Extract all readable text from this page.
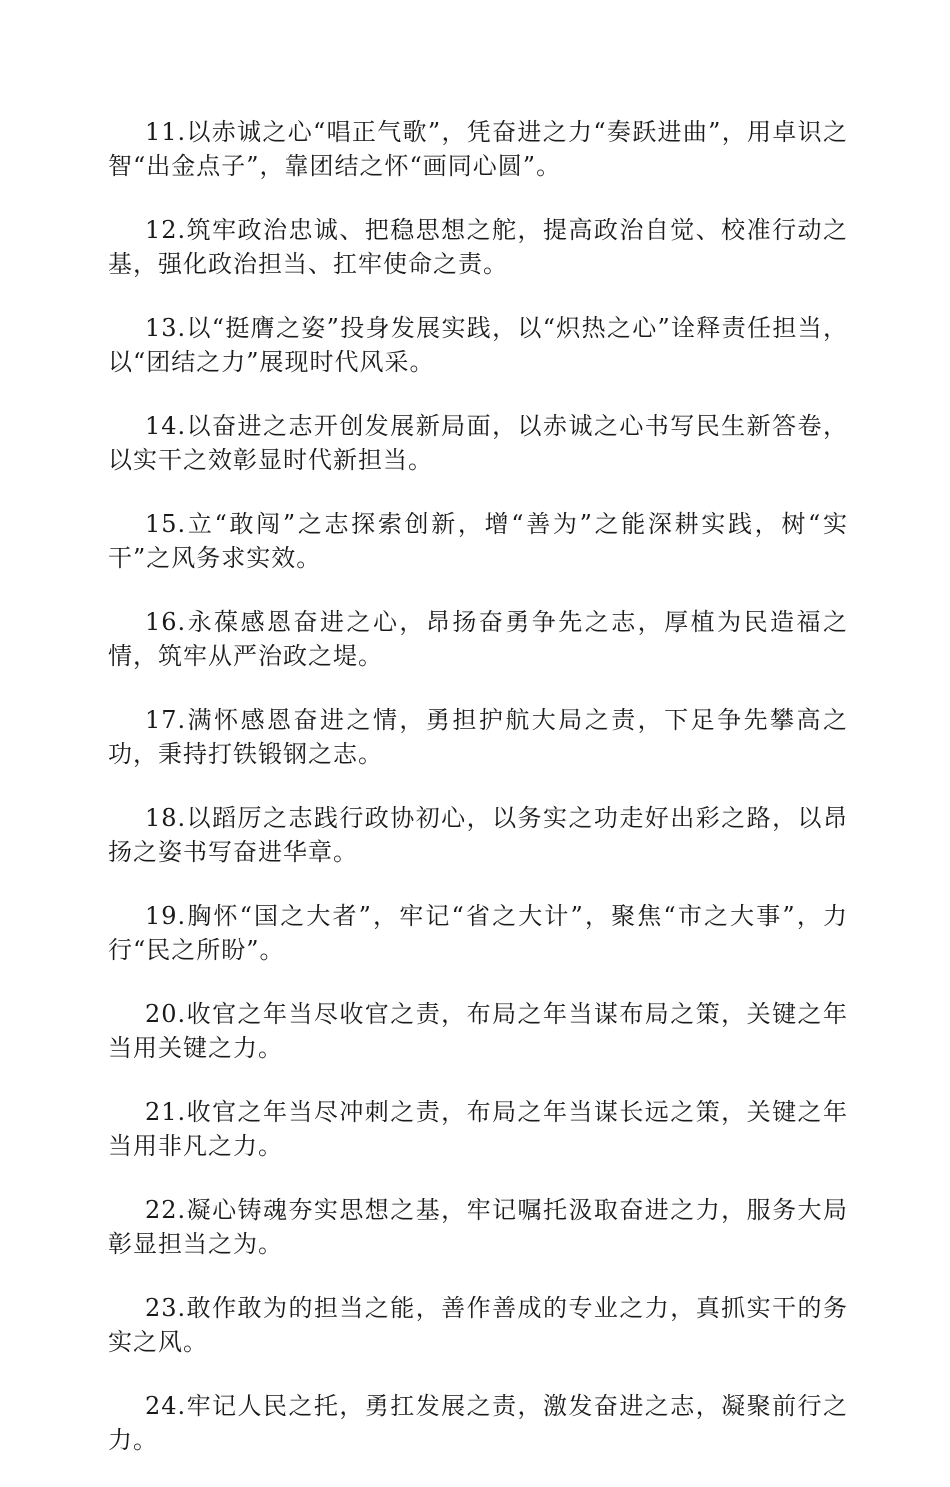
11.以赤诚之心“唱正气歌”，凭奋进之力“奏跃进曲”，用卓识之智“出金点子”，靠团结之怀“画同心圆”。

12.筑牢政治忠诚、把稳思想之舵，提高政治自觉、校准行动之基，强化政治担当、扛牢使命之责。

13.以“挺膺之姿”投身发展实践，以“炽热之心”诠释责任担当，以“团结之力”展现时代风采。

14.以奋进之志开创发展新局面，以赤诚之心书写民生新答卷，以实干之效彰显时代新担当。

15.立“敢闯”之志探索创新，增“善为”之能深耕实践，树“实干”之风务求实效。

16.永葆感恩奋进之心，昂扬奋勇争先之志，厚植为民造福之情，筑牢从严治政之堤。

17.满怀感恩奋进之情，勇担护航大局之责，下足争先攀高之功，秉持打铁锻钢之志。

18.以蹈厉之志践行政协初心，以务实之功走好出彩之路，以昂扬之姿书写奋进华章。

19.胸怀“国之大者”，牢记“省之大计”，聚焦“市之大事”，力行“民之所盼”。

20.收官之年当尽收官之责，布局之年当谋布局之策，关键之年当用关键之力。

21.收官之年当尽冲刺之责，布局之年当谋长远之策，关键之年当用非凡之力。

22.凝心铸魂夯实思想之基，牢记嘱托汲取奋进之力，服务大局彰显担当之为。

23.敢作敢为的担当之能，善作善成的专业之力，真抓实干的务实之风。

24.牢记人民之托，勇扛发展之责，激发奋进之志，凝聚前行之力。
